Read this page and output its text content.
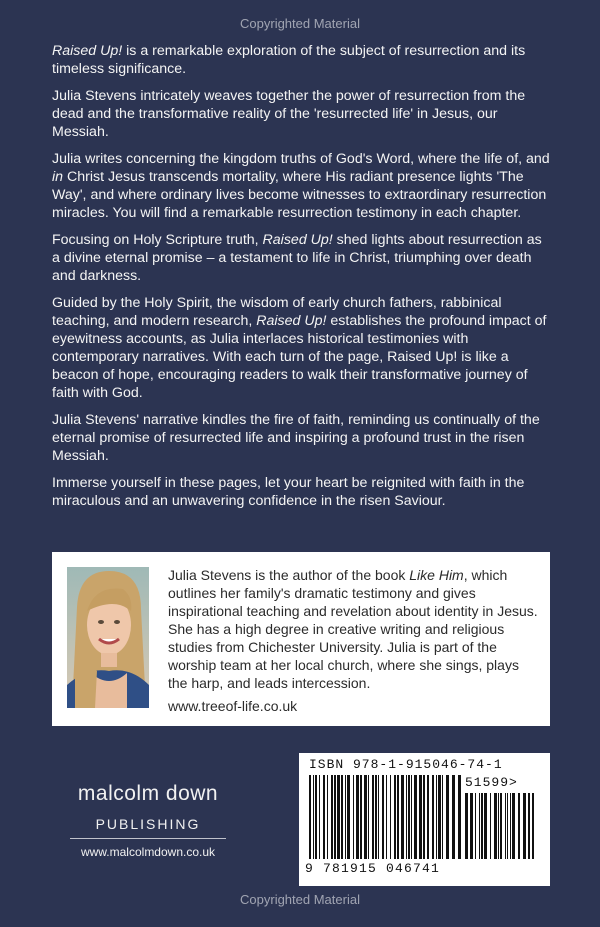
Copyrighted Material

Raised Up! is a remarkable exploration of the subject of resurrection and its timeless significance.

Julia Stevens intricately weaves together the power of resurrection from the dead and the transformative reality of the 'resurrected life' in Jesus, our Messiah.

Julia writes concerning the kingdom truths of God's Word, where the life of, and in Christ Jesus transcends mortality, where His radiant presence lights 'The Way', and where ordinary lives become witnesses to extraordinary resurrection miracles. You will find a remarkable resurrection testimony in each chapter.

Focusing on Holy Scripture truth, Raised Up! shed lights about resurrection as a divine eternal promise – a testament to life in Christ, triumphing over death and darkness.

Guided by the Holy Spirit, the wisdom of early church fathers, rabbinical teaching, and modern research, Raised Up! establishes the profound impact of eyewitness accounts, as Julia interlaces historical testimonies with contemporary narratives. With each turn of the page, Raised Up! is like a beacon of hope, encouraging readers to walk their transformative journey of faith with God.

Julia Stevens' narrative kindles the fire of faith, reminding us continually of the eternal promise of resurrected life and inspiring a profound trust in the risen Messiah.

Immerse yourself in these pages, let your heart be reignited with faith in the miraculous and an unwavering confidence in the risen Saviour.

Julia Stevens is the author of the book Like Him, which outlines her family's dramatic testimony and gives inspirational teaching and revelation about identity in Jesus. She has a high degree in creative writing and religious studies from Chichester University. Julia is part of the worship team at her local church, where she sings, plays the harp, and leads intercession.
www.treeof-life.co.uk
malcolm down
PUBLISHING
www.malcolmdown.co.uk
ISBN 978-1-915046-74-1
51599>
9 781915 046741
Copyrighted Material
